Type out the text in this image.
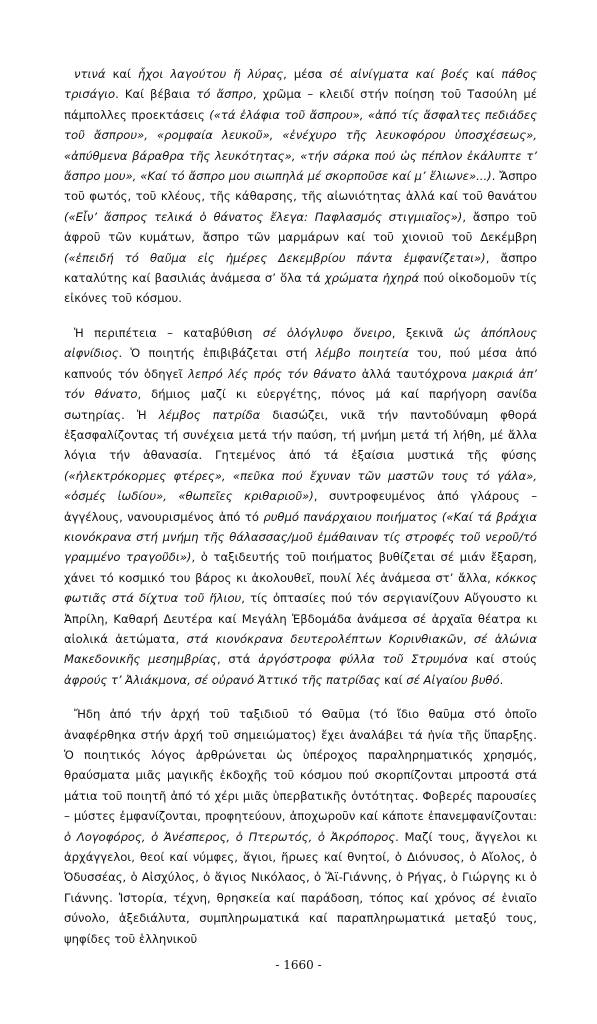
ντινά καί ἦχοι λαγούτου ἤ λύρας, μέσα σέ αἰνίγματα καί βοές καί πάθος τρισάγιο. Καί βέβαια τό ἄσπρο, χρῶμα – κλειδί στήν ποίηση τοῦ Τασούλη μέ πάμπολλες προεκτάσεις («τά ἐλάφια τοῦ ἄσπρου», «ἀπό τίς ἄσφαλτες πεδιάδες τοῦ ἄσπρου», «ρομφαία λευκοῦ», «ἐνέχυρο τῆς λευκοφόρου ὑποσχέσεως», «ἀπύθμενα βάραθρα τῆς λευκότητας», «τήν σάρκα πού ὡς πέπλον ἐκάλυπτε τ’ ἄσπρο μου», «Καί τό ἄσπρο μου σιωπηλά μέ σκορποῦσε καί μ’ ἔλιωνε»...). Ἄσπρο τοῦ φωτός, τοῦ κλέους, τῆς κάθαρσης, τῆς αἰωνιότητας ἀλλά καί τοῦ θανάτου («Εἶν’ ἄσπρος τελικά ὁ θάνατος ἔλεγα: Παφλασμός στιγμιαῖος»), ἄσπρο τοῦ ἀφροῦ τῶν κυμάτων, ἄσπρο τῶν μαρμάρων καί τοῦ χιονιοῦ τοῦ Δεκέμβρη («ἐπειδή τό θαῦμα εἰς ἡμέρες Δεκεμβρίου πάντα ἐμφανίζεται»), ἄσπρο καταλύτης καί βασιλιάς ἀνάμεσα σ’ ὅλα τά χρώματα ἠχηρά πού οἰκοδομοῦν τίς εἰκόνες τοῦ κόσμου.

Ἡ περιπέτεια – καταβύθιση σέ ὁλόγλυφο ὄνειρο, ξεκινᾶ ὡς ἀπόπλους αἰφνίδιος. Ὁ ποιητής ἐπιβιβάζεται στή λέμβο ποιητεία του, πού μέσα ἀπό καπνούς τόν ὁδηγεῖ λεπρό λές πρός τόν θάνατο ἀλλά ταυτόχρονα μακριά ἀπ’ τόν θάνατο, δήμιος μαζί κι εὐεργέτης, πόνος μά καί παρήγορη σανίδα σωτηρίας. Ἡ λέμβος πατρίδα διασώζει, νικᾶ τήν παντοδύναμη φθορά ἐξασφαλίζοντας τή συνέχεια μετά τήν παύση, τή μνήμη μετά τή λήθη, μέ ἄλλα λόγια τήν ἀθανασία. Γητεμένος ἀπό τά ἐξαίσια μυστικά τῆς φύσης («ἠλεκτρόκορμες φτέρες», «πεῦκα πού ἔχυναν τῶν μαστῶν τους τό γάλα», «ὀσμές ἰωδίου», «θωπεῖες κριθαριοῦ»), συντροφευμένος ἀπό γλάρους – ἀγγέλους, νανουρισμένος ἀπό τό ρυθμό πανάρχαιου ποιήματος («Καί τά βράχια κιονόκρανα στή μνήμη τῆς θάλασσας/μοῦ ἐμάθαιναν τίς στροφές τοῦ νεροῦ/τό γραμμένο τραγοῦδι»), ὁ ταξιδευτής τοῦ ποιήματος βυθίζεται σέ μιάν ἔξαρση, χάνει τό κοσμικό του βάρος κι ἀκολουθεῖ, πουλί λές ἀνάμεσα στ’ ἄλλα, κόκκος φωτιᾶς στά δίχτυα τοῦ ἥλιου, τίς ὀπτασίες πού τόν σεργιανίζουν Αὔγουστο κι Ἀπρίλη, Καθαρή Δευτέρα καί Μεγάλη Ἑβδομάδα ἀνάμεσα σέ ἀρχαῖα θέατρα κι αἰολικά ἀετώματα, στά κιονόκρανα δευτερολέπτων Κορινθιακῶν, σέ ἁλώνια Μακεδονικῆς μεσημβρίας, στά ἀργόστροφα φύλλα τοῦ Στρυμόνα καί στούς ἀφρούς τ’ Ἀλιάκμονα, σέ οὐρανό Ἀττικό τῆς πατρίδας καί σέ Αἰγαίου βυθό.

Ἤδη ἀπό τήν ἀρχή τοῦ ταξιδιοῦ τό Θαῦμα (τό ἴδιο θαῦμα στό ὁποῖο ἀναφέρθηκα στήν ἀρχή τοῦ σημειώματος) ἔχει ἀναλάβει τά ἡνία τῆς ὕπαρξης. Ὁ ποιητικός λόγος ἀρθρώνεται ὡς ὑπέροχος παραληρηματικός χρησμός, θραύσματα μιᾶς μαγικῆς ἐκδοχῆς τοῦ κόσμου πού σκορπίζονται μπροστά στά μάτια τοῦ ποιητῆ ἀπό τό χέρι μιᾶς ὑπερβατικῆς ὀντότητας. Φοβερές παρουσίες – μύστες ἐμφανίζονται, προφητεύουν, ἀποχωροῦν καί κάποτε ἐπανεμφανίζονται: ὁ Λογοφόρος, ὁ Ἀνέσπερος, ὁ Πτερωτός, ὁ Ἀκρόπορος. Μαζί τους, ἄγγελοι κι ἀρχάγγελοι, θεοί καί νύμφες, ἅγιοι, ἥρωες καί θνητοί, ὁ Διόνυσος, ὁ Αἴολος, ὁ Ὀδυσσέας, ὁ Αἰσχύλος, ὁ ἅγιος Νικόλαος, ὁ Ἅϊ-Γιάννης, ὁ Ρήγας, ὁ Γιώργης κι ὁ Γιάννης. Ἱστορία, τέχνη, θρησκεία καί παράδοση, τόπος καί χρόνος σέ ἑνιαῖο σύνολο, ἀξεδιάλυτα, συμπληρωματικά καί παραπληρωματικά μεταξύ τους, ψηφίδες τοῦ ἑλληνικοῦ

- 1660 -
